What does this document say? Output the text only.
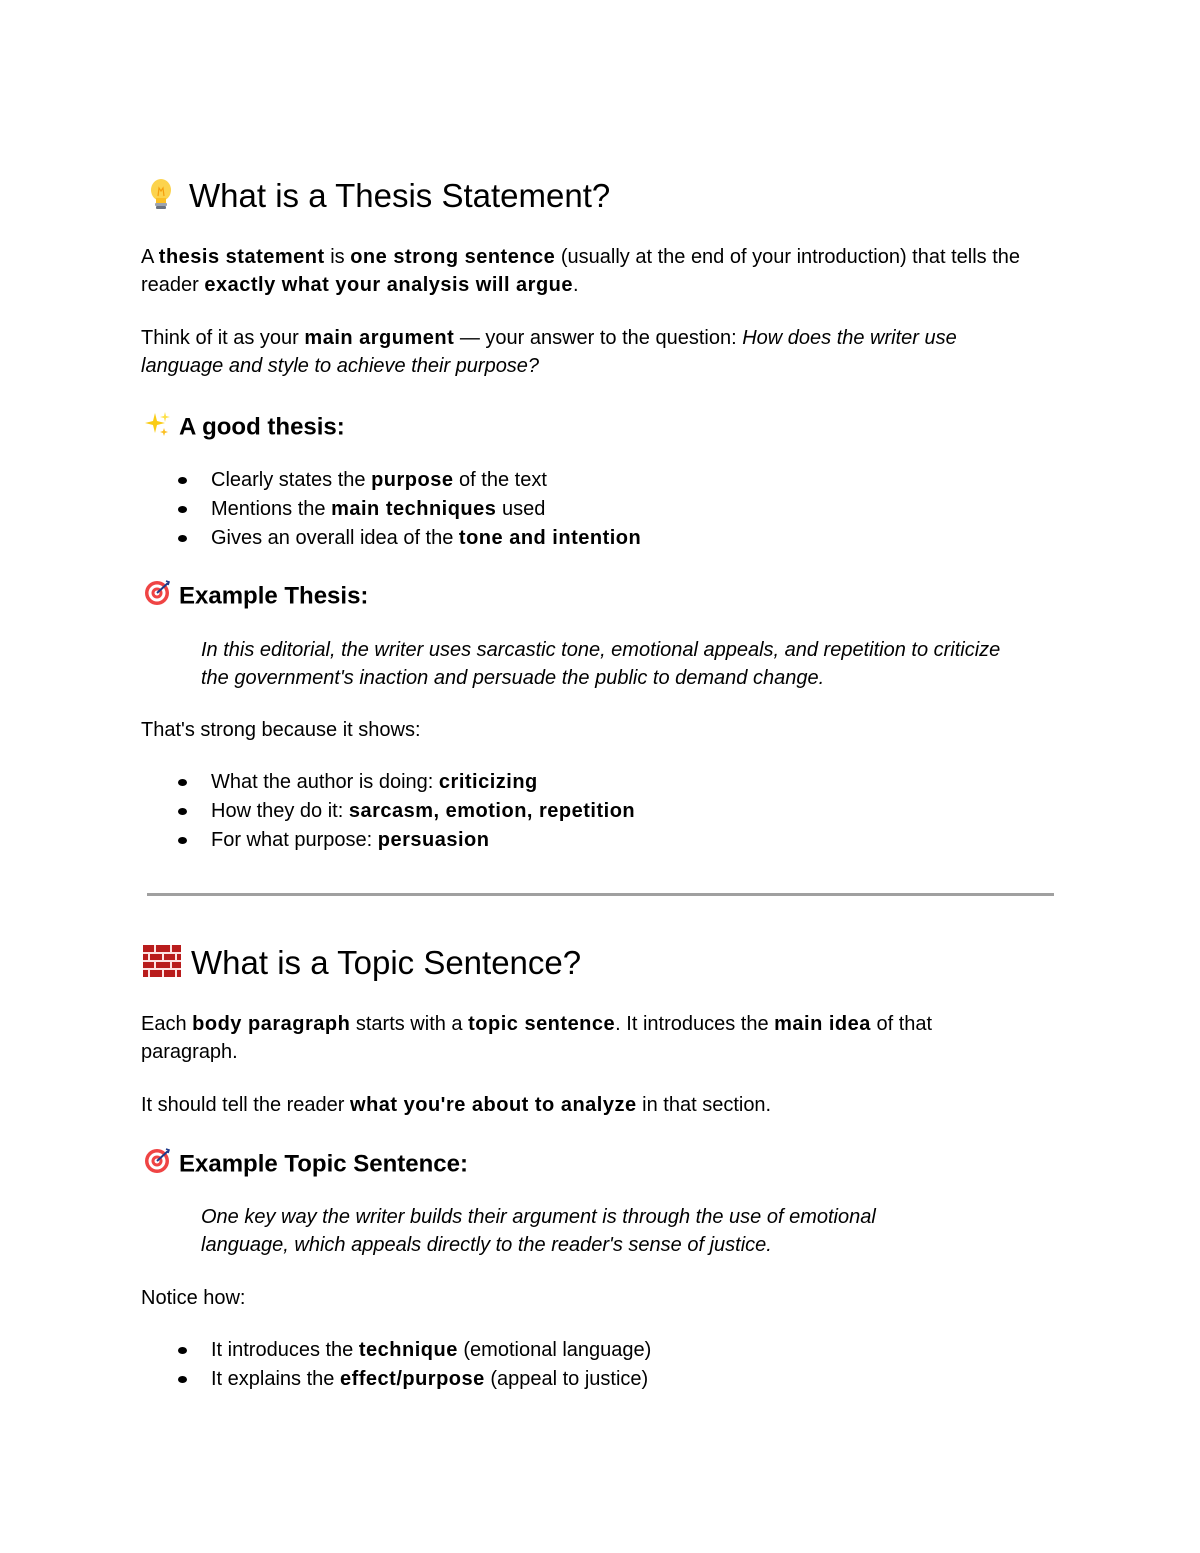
What is a Thesis Statement?

A thesis statement is one strong sentence (usually at the end of your introduction) that tells the reader exactly what your analysis will argue.

Think of it as your main argument — your answer to the question: How does the writer use language and style to achieve their purpose?

A good thesis:
Clearly states the purpose of the text
Mentions the main techniques used
Gives an overall idea of the tone and intention
Example Thesis:

In this editorial, the writer uses sarcastic tone, emotional appeals, and repetition to criticize the government's inaction and persuade the public to demand change.

That's strong because it shows:

What the author is doing: criticizing
How they do it: sarcasm, emotion, repetition
For what purpose: persuasion
What is a Topic Sentence?

Each body paragraph starts with a topic sentence. It introduces the main idea of that paragraph.

It should tell the reader what you're about to analyze in that section.

Example Topic Sentence:

One key way the writer builds their argument is through the use of emotional language, which appeals directly to the reader's sense of justice.

Notice how:

It introduces the technique (emotional language)
It explains the effect/purpose (appeal to justice)
